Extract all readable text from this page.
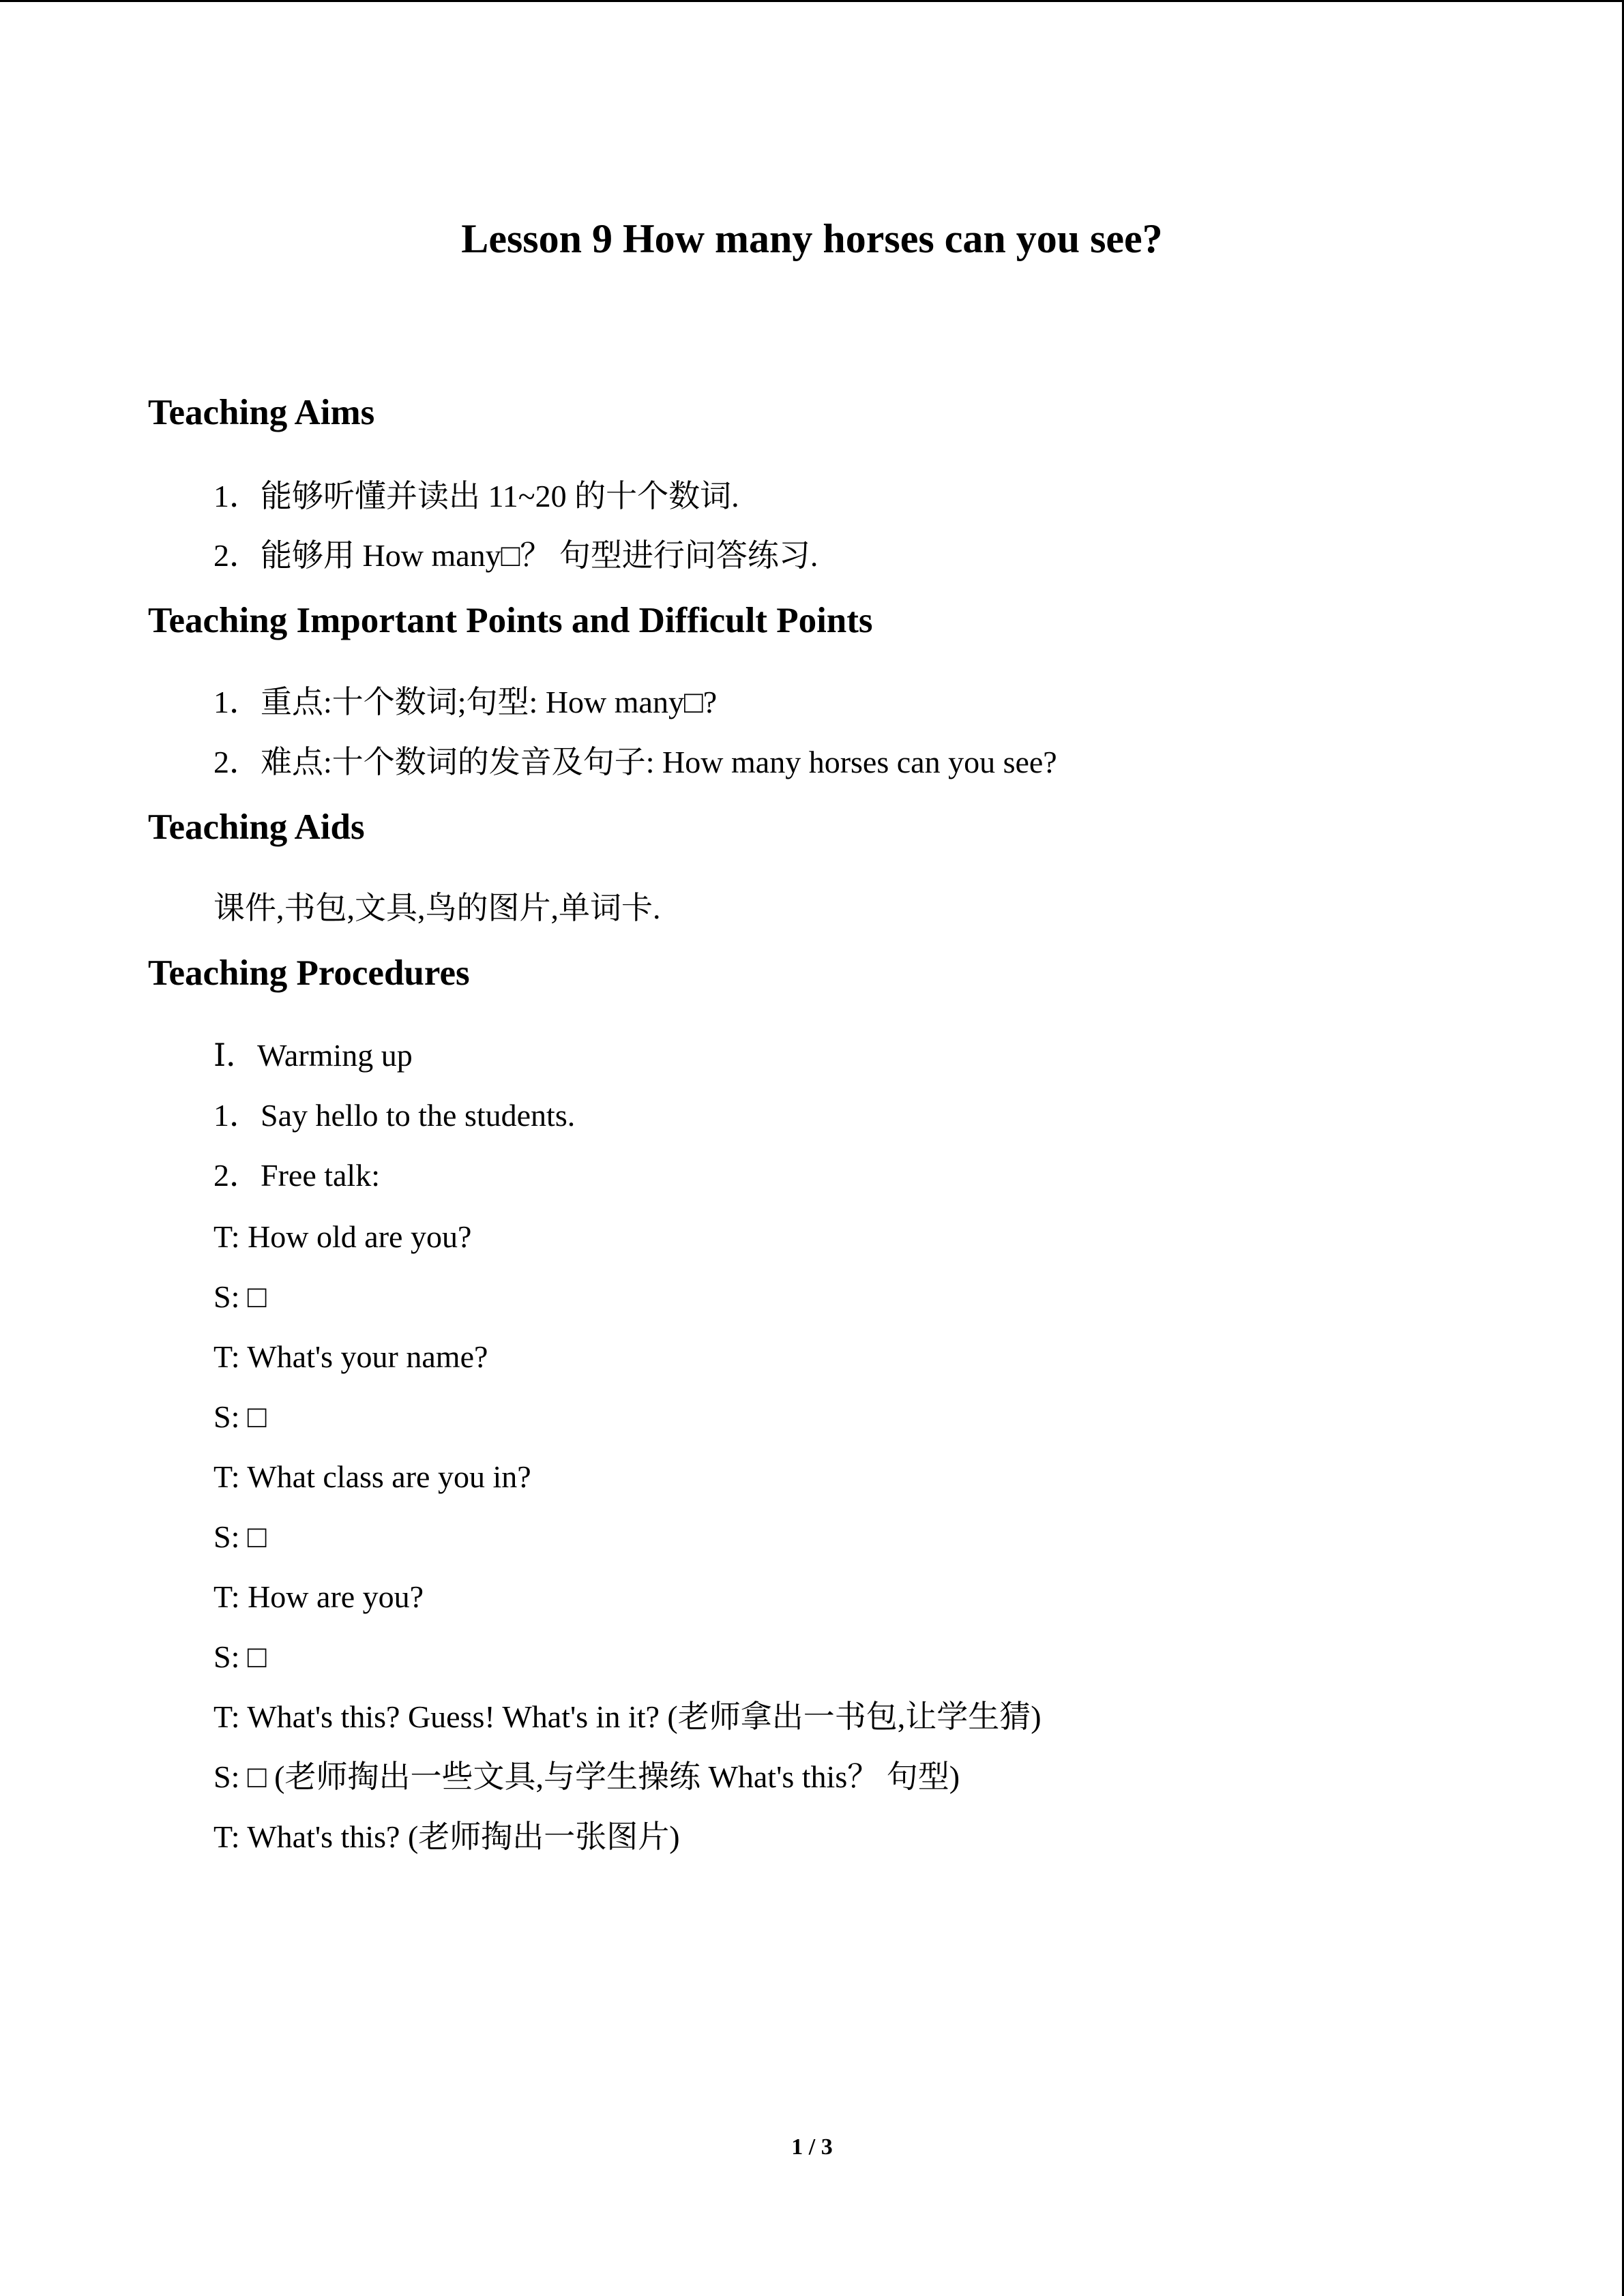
Lesson 9 How many horses can you see?
Teaching Aims
1．能够听懂并读出 11~20 的十个数词.
2．能够用 How many□？ 句型进行问答练习.
Teaching Important Points and Difficult Points
1．重点:十个数词;句型: How many□?
2．难点:十个数词的发音及句子: How many horses can you see?
Teaching Aids
课件,书包,文具,鸟的图片,单词卡.
Teaching Procedures
Ⅰ．Warming up
1．Say hello to the students.
2．Free talk:
T: How old are you?
S: □
T: What's your name?
S: □
T: What class are you in?
S: □
T: How are you?
S: □
T: What's this? Guess! What's in it? (老师拿出一书包,让学生猜)
S: □ (老师掏出一些文具,与学生操练 What's this？ 句型)
T: What's this? (老师掏出一张图片)
1 / 3
